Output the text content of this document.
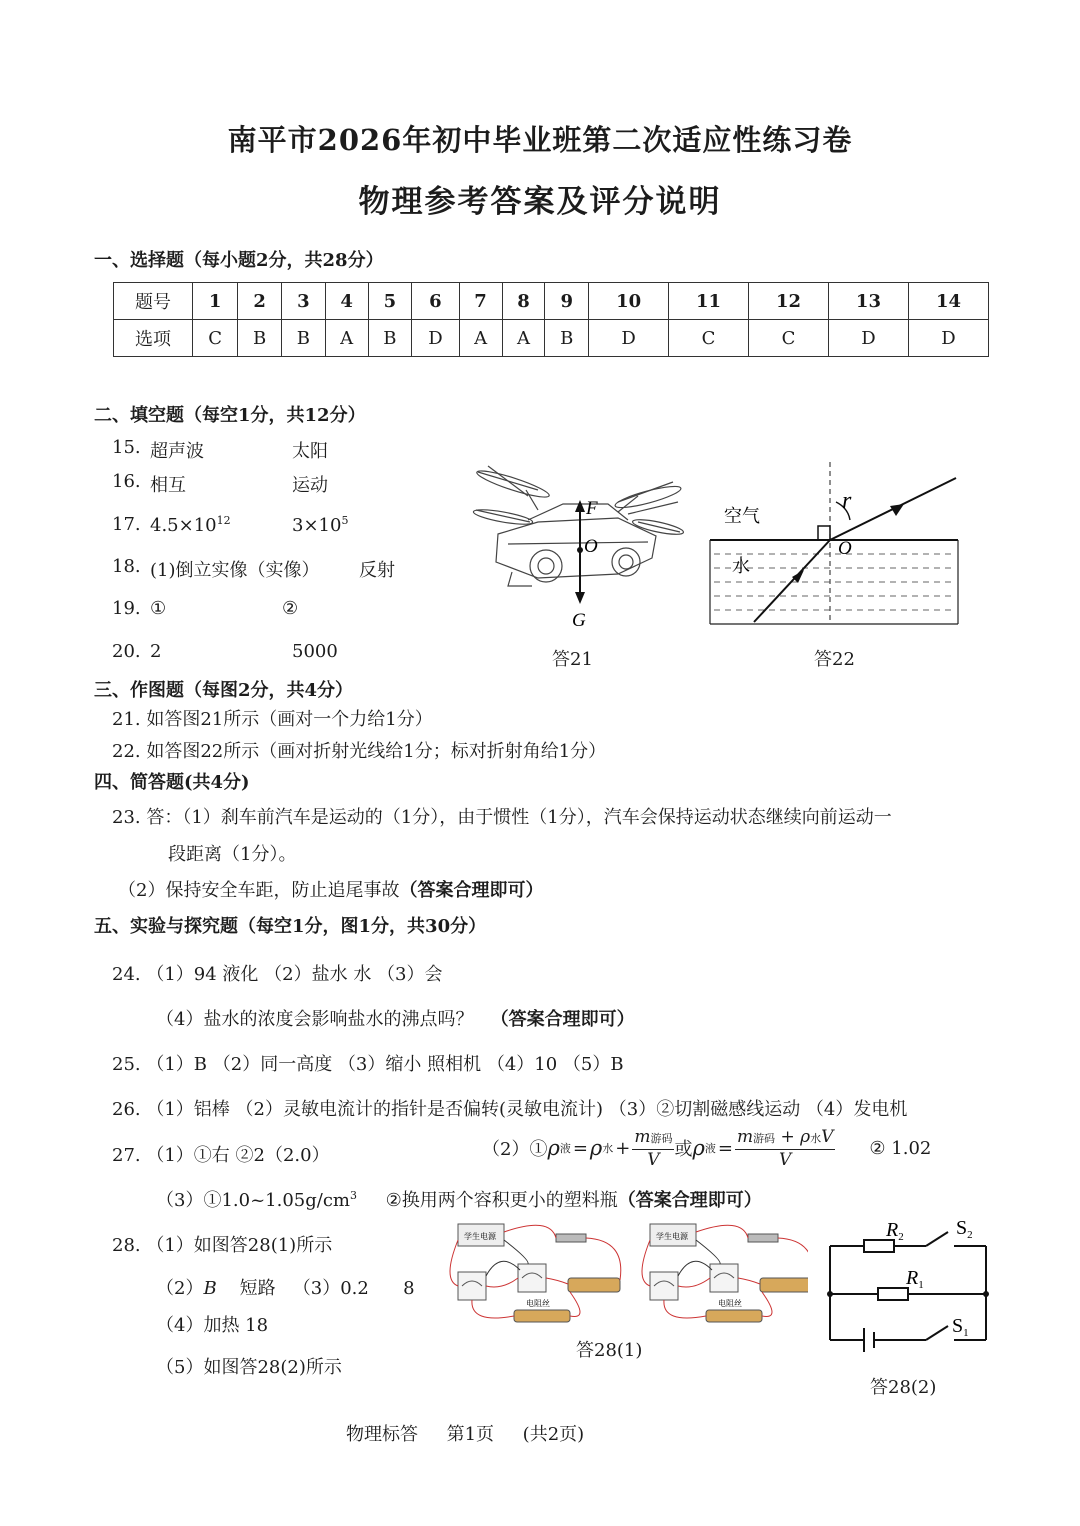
南平市2026年初中毕业班第二次适应性练习卷
物理参考答案及评分说明
一、选择题（每小题2分，共28分）
题号	1	2	3	4	5	6	7	8	9	10	11	12	13	14
选项	C	B	B	A	B	D	A	A	B	D	C	C	D	D
二、填空题（每空1分，共12分）
15. 超声波	太阳
16. 相互	运动
17. $4.5\times 10^{12}$	$3\times 10^5$
18. (1)倒立实像（实像） 反射
19. ①	②
20. 2	5000
F
O
G
答21
r
O
空气
水
答22
三、作图题（每图2分，共4分）
21. 如答图21所示（画对一个力给1分）
22. 如答图22所示（画对折射光线给1分；标对折射角给1分）
四、简答题(共4分)
23. 答：（1）刹车前汽车是运动的（1分），由于惯性（1分），汽车会保持运动状态继续向前运动一
段距离（1分）。
（2）保持安全车距，防止追尾事故（答案合理即可）
五、实验与探究题（每空1分，图1分，共30分）
24. （1）94 液化 （2）盐水 水 （3）会
（4）盐水的浓度会影响盐水的沸点吗？ （答案合理即可）
25. （1）B （2）同一高度 （3）缩小 照相机 （4）10 （5）B
26. （1）铝棒 （2）灵敏电流计的指针是否偏转(灵敏电流计) （3）②切割磁感线运动 （4）发电机
27. （1）①右 ②2（2.0）	（2）① ρ 液 = ρ 水 + $\frac{\text{m游码}}{V}$ 或 ρ 液 = $\frac{\text{m游码 + ρ水V}}{V}$ ② 1.02
$(3)①1.0\sim 1.05g/cm^3$ ②换用两个容积更小的塑料瓶（答案合理即可）
28. （1）如图答28(1)所示
（2）B    短路   （3）0.2      8
（4）加热 18
（5）如图答28(2)所示
学生电源
电阻丝
答28(1)
$R_2$
$R_1$
$S_2$
$S_1$
答28(2)
物理标答     第1页     (共2页)
